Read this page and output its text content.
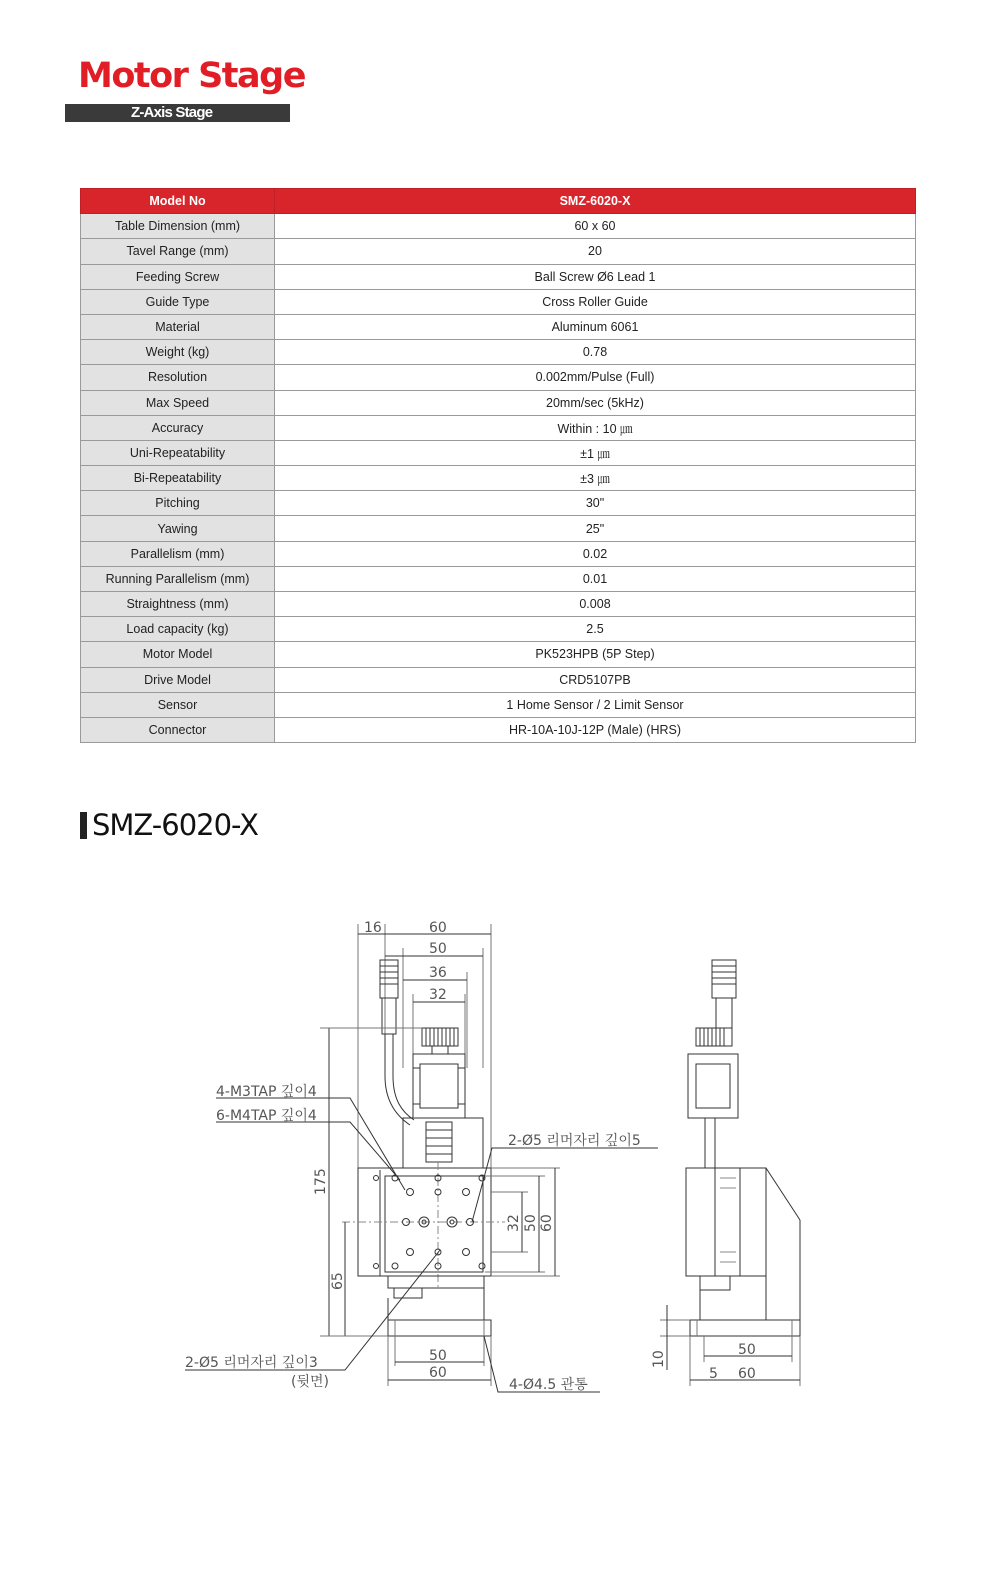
Motor Stage
Z-Axis Stage
Model No	SMZ-6020-X
Table Dimension (mm)	60 x 60
Tavel Range (mm)	20
Feeding Screw	Ball Screw Ø6 Lead 1
Guide Type	Cross Roller Guide
Material	Aluminum 6061
Weight (kg)	0.78
Resolution	0.002mm/Pulse (Full)
Max Speed	20mm/sec (5kHz)
Accuracy	Within : 10 ㎛
Uni-Repeatability	±1 ㎛
Bi-Repeatability	±3 ㎛
Pitching	30"
Yawing	25"
Parallelism (mm)	0.02
Running Parallelism (mm)	0.01
Straightness (mm)	0.008
Load capacity (kg)	2.5
Motor Model	PK523HPB (5P Step)
Drive Model	CRD5107PB
Sensor	1 Home Sensor / 2 Limit Sensor
Connector	HR-10A-10J-12P (Male) (HRS)
SMZ-6020-X
16	60
50
36
32
175
65
32 50 60
50
60
10
50
5 60
4-M3TAP 깊이4
6-M4TAP 깊이4
2-Ø5 리머자리 깊이5
2-Ø5 리머자리 깊이3
(뒷면)	4-Ø4.5 관통
